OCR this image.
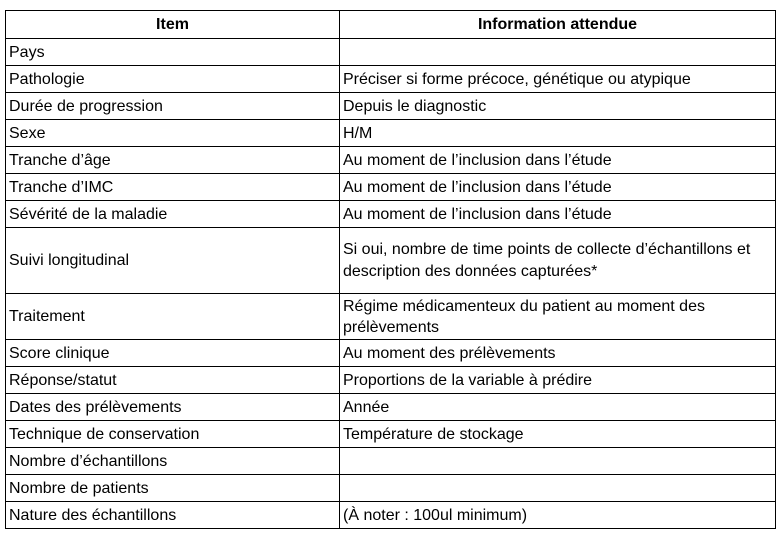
Item	Information attendue
Pays	
Pathologie	Préciser si forme précoce, génétique ou atypique
Durée de progression	Depuis le diagnostic
Sexe	H/M
Tranche d’âge	Au moment de l’inclusion dans l’étude
Tranche d’IMC	Au moment de l’inclusion dans l’étude
Sévérité de la maladie	Au moment de l’inclusion dans l’étude
Suivi longitudinal	Si oui, nombre de time points de collecte d’échantillons et description des données capturées*
Traitement	Régime médicamenteux du patient au moment des prélèvements
Score clinique	Au moment des prélèvements
Réponse/statut	Proportions de la variable à prédire
Dates des prélèvements	Année
Technique de conservation	Température de stockage
Nombre d’échantillons	
Nombre de patients	
Nature des échantillons	(À noter : 100ul minimum)
